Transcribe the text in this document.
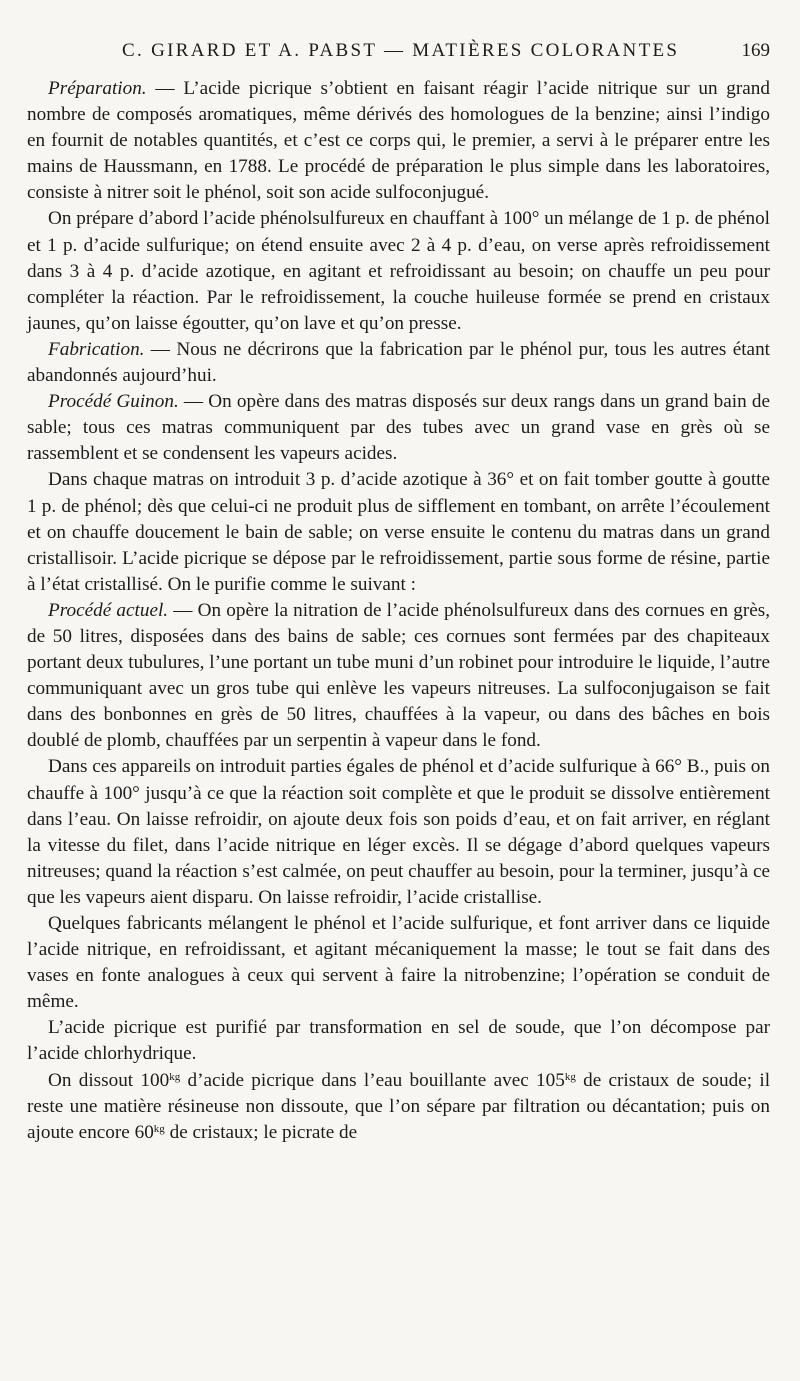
C. GIRARD ET A. PABST — MATIÈRES COLORANTES	169

Préparation. — L’acide picrique s’obtient en faisant réagir l’acide nitrique sur un grand nombre de composés aromatiques, même dérivés des homologues de la benzine; ainsi l’indigo en fournit de notables quantités, et c’est ce corps qui, le premier, a servi à le préparer entre les mains de Haussmann, en 1788. Le procédé de préparation le plus simple dans les laboratoires, consiste à nitrer soit le phénol, soit son acide sulfoconjugué.

On prépare d’abord l’acide phénolsulfureux en chauffant à 100° un mélange de 1 p. de phénol et 1 p. d’acide sulfurique; on étend ensuite avec 2 à 4 p. d’eau, on verse après refroidissement dans 3 à 4 p. d’acide azotique, en agitant et refroidissant au besoin; on chauffe un peu pour compléter la réaction. Par le refroidissement, la couche huileuse formée se prend en cristaux jaunes, qu’on laisse égoutter, qu’on lave et qu’on presse.

Fabrication. — Nous ne décrirons que la fabrication par le phénol pur, tous les autres étant abandonnés aujourd’hui.

Procédé Guinon. — On opère dans des matras disposés sur deux rangs dans un grand bain de sable; tous ces matras communiquent par des tubes avec un grand vase en grès où se rassemblent et se condensent les vapeurs acides.

Dans chaque matras on introduit 3 p. d’acide azotique à 36° et on fait tomber goutte à goutte 1 p. de phénol; dès que celui-ci ne produit plus de sifflement en tombant, on arrête l’écoulement et on chauffe doucement le bain de sable; on verse ensuite le contenu du matras dans un grand cristallisoir. L’acide picrique se dépose par le refroidissement, partie sous forme de résine, partie à l’état cristallisé. On le purifie comme le suivant :

Procédé actuel. — On opère la nitration de l’acide phénolsulfureux dans des cornues en grès, de 50 litres, disposées dans des bains de sable; ces cornues sont fermées par des chapiteaux portant deux tubulures, l’une portant un tube muni d’un robinet pour introduire le liquide, l’autre communiquant avec un gros tube qui enlève les vapeurs nitreuses. La sulfoconjugaison se fait dans des bonbonnes en grès de 50 litres, chauffées à la vapeur, ou dans des bâches en bois doublé de plomb, chauffées par un serpentin à vapeur dans le fond.

Dans ces appareils on introduit parties égales de phénol et d’acide sulfurique à 66° B., puis on chauffe à 100° jusqu’à ce que la réaction soit complète et que le produit se dissolve entièrement dans l’eau. On laisse refroidir, on ajoute deux fois son poids d’eau, et on fait arriver, en réglant la vitesse du filet, dans l’acide nitrique en léger excès. Il se dégage d’abord quelques vapeurs nitreuses; quand la réaction s’est calmée, on peut chauffer au besoin, pour la terminer, jusqu’à ce que les vapeurs aient disparu. On laisse refroidir, l’acide cristallise.

Quelques fabricants mélangent le phénol et l’acide sulfurique, et font arriver dans ce liquide l’acide nitrique, en refroidissant, et agitant mécaniquement la masse; le tout se fait dans des vases en fonte analogues à ceux qui servent à faire la nitrobenzine; l’opération se conduit de même.

L’acide picrique est purifié par transformation en sel de soude, que l’on décompose par l’acide chlorhydrique.

On dissout $100^{kg}$ d’acide picrique dans l’eau bouillante avec $105^{kg}$ de cristaux de soude; il reste une matière résineuse non dissoute, que l’on sépare par filtration ou décantation; puis on ajoute encore $60^{kg}$ de cristaux; le picrate de
